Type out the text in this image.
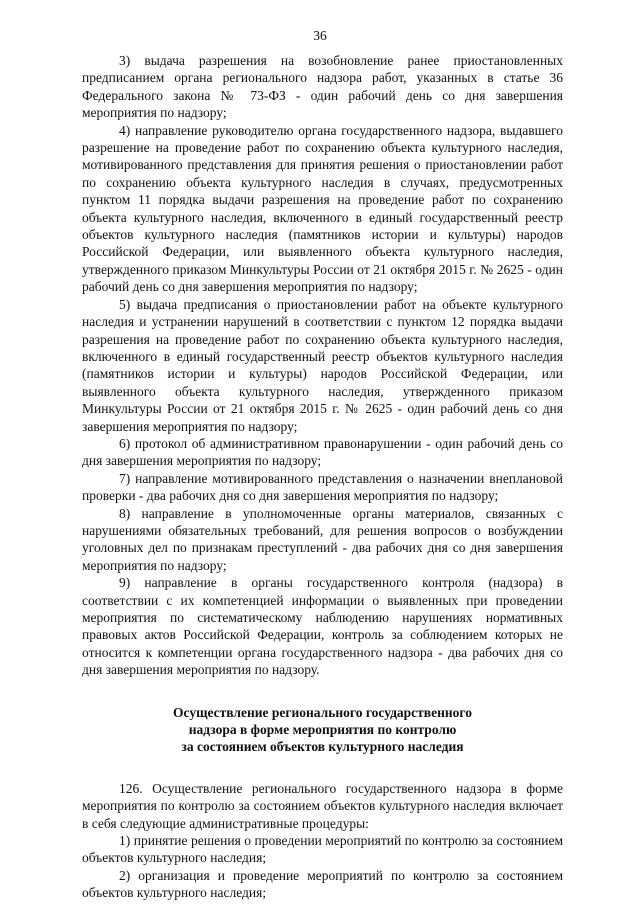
36

3) выдача разрешения на возобновление ранее приостановленных предписанием органа регионального надзора работ, указанных в статье 36 Федерального закона № 73-ФЗ - один рабочий день со дня завершения мероприятия по надзору;

4) направление руководителю органа государственного надзора, выдавшего разрешение на проведение работ по сохранению объекта культурного наследия, мотивированного представления для принятия решения о приостановлении работ по сохранению объекта культурного наследия в случаях, предусмотренных пунктом 11 порядка выдачи разрешения на проведение работ по сохранению объекта культурного наследия, включенного в единый государственный реестр объектов культурного наследия (памятников истории и культуры) народов Российской Федерации, или выявленного объекта культурного наследия, утвержденного приказом Минкультуры России от 21 октября 2015 г. № 2625 - один рабочий день со дня завершения мероприятия по надзору;

5) выдача предписания о приостановлении работ на объекте культурного наследия и устранении нарушений в соответствии с пунктом 12 порядка выдачи разрешения на проведение работ по сохранению объекта культурного наследия, включенного в единый государственный реестр объектов культурного наследия (памятников истории и культуры) народов Российской Федерации, или выявленного объекта культурного наследия, утвержденного приказом Минкультуры России от 21 октября 2015 г. № 2625 - один рабочий день со дня завершения мероприятия по надзору;

6) протокол об административном правонарушении - один рабочий день со дня завершения мероприятия по надзору;

7) направление мотивированного представления о назначении внеплановой проверки - два рабочих дня со дня завершения мероприятия по надзору;

8) направление в уполномоченные органы материалов, связанных с нарушениями обязательных требований, для решения вопросов о возбуждении уголовных дел по признакам преступлений - два рабочих дня со дня завершения мероприятия по надзору;

9) направление в органы государственного контроля (надзора) в соответствии с их компетенцией информации о выявленных при проведении мероприятия по систематическому наблюдению нарушениях нормативных правовых актов Российской Федерации, контроль за соблюдением которых не относится к компетенции органа государственного надзора - два рабочих дня со дня завершения мероприятия по надзору.

Осуществление регионального государственного
надзора в форме мероприятия по контролю
за состоянием объектов культурного наследия

126. Осуществление регионального государственного надзора в форме мероприятия по контролю за состоянием объектов культурного наследия включает в себя следующие административные процедуры:

1) принятие решения о проведении мероприятий по контролю за состоянием объектов культурного наследия;

2) организация и проведение мероприятий по контролю за состоянием объектов культурного наследия;
